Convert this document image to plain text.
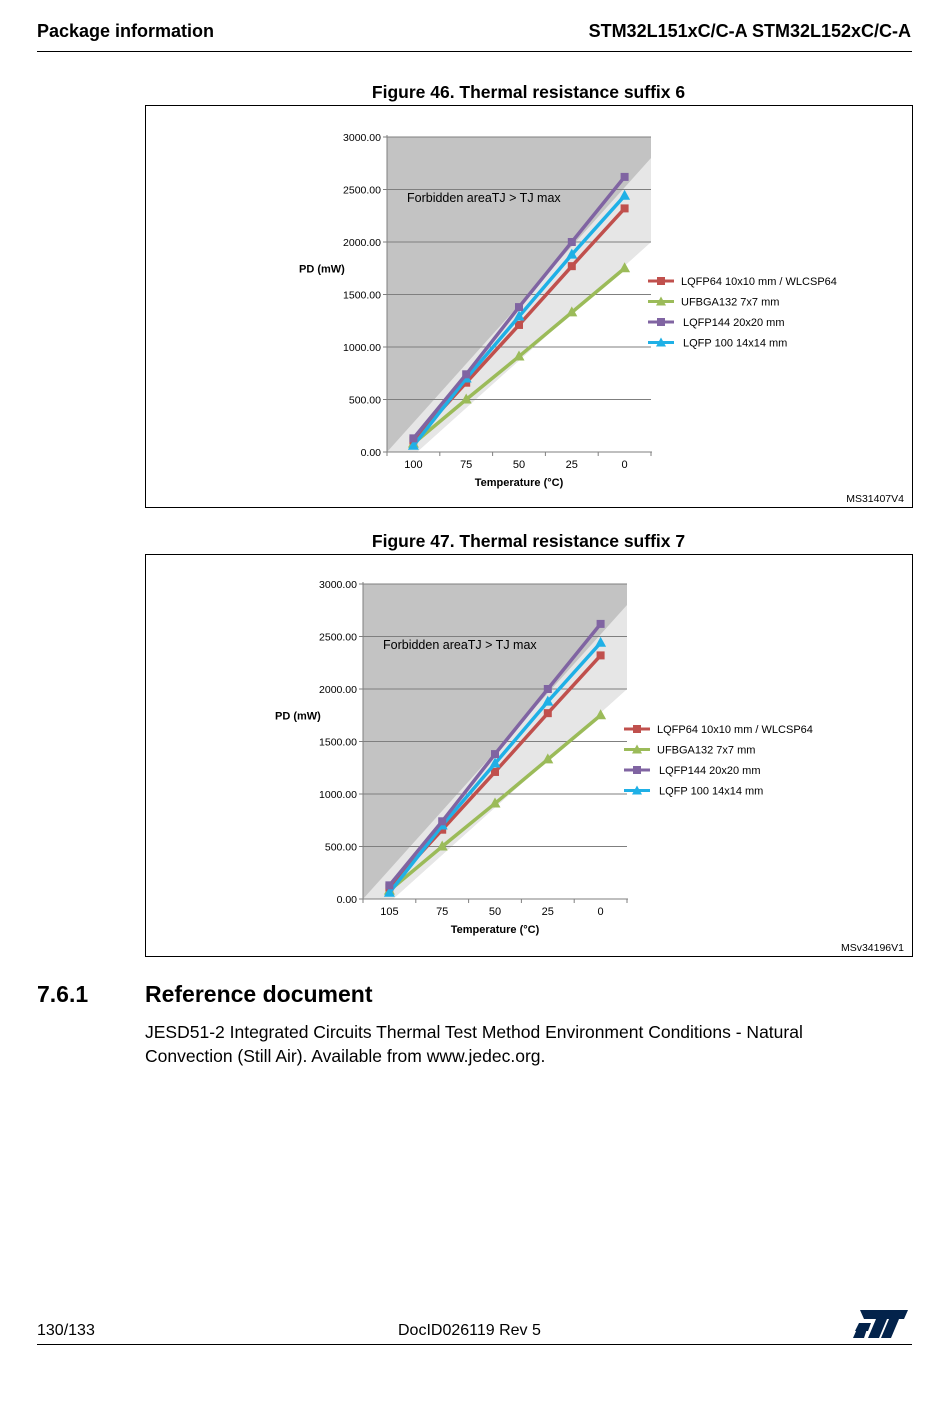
Package information	STM32L151xC/C-A STM32L152xC/C-A
Figure 46. Thermal resistance suffix 6
0.00
500.00
1000.00
1500.00
2000.00
2500.00
3000.00
100	75	50	25	0
Temperature (°C)
PD (mW)
Forbidden areaTJ > TJ max
LQFP64 10x10 mm / WLCSP64
UFBGA132 7x7 mm
LQFP144 20x20 mm
LQFP 100 14x14 mm
MS31407V4
Figure 47. Thermal resistance suffix 7
0.00
500.00
1000.00
1500.00
2000.00
2500.00
3000.00
105	75	50	25	0
Temperature (°C)
PD (mW)
Forbidden areaTJ > TJ max
LQFP64 10x10 mm / WLCSP64
UFBGA132 7x7 mm
LQFP144 20x20 mm
LQFP 100 14x14 mm
MSv34196V1
7.6.1 Reference document
JESD51-2 Integrated Circuits Thermal Test Method Environment Conditions - Natural Convection (Still Air). Available from www.jedec.org.
130/133	DocID026119 Rev 5
